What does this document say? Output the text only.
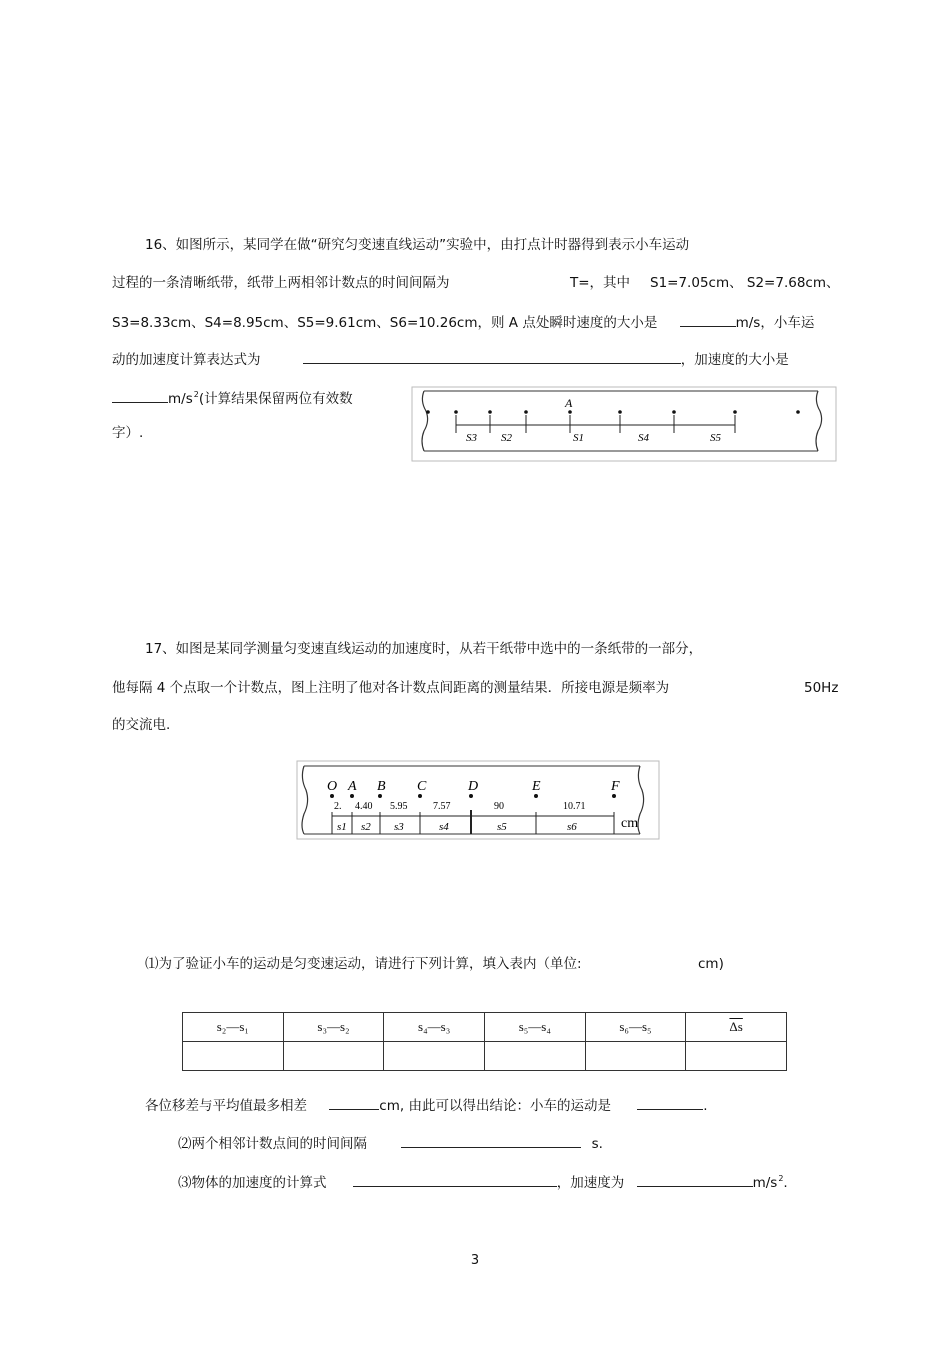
16、如图所示，某同学在做“研究匀变速直线运动”实验中，由打点计时器得到表示小车运动
过程的一条清晰纸带，纸带上两相邻计数点的时间间隔为	T=，其中 S1=7.05cm、 S2=7.68cm、
S3=8.33cm、S4=8.95cm、S5=9.61cm、S6=10.26cm，则 A 点处瞬时速度的大小是	m/s，小车运
动的加速度计算表达式为	，加速度的大小是
$m/s^2$(计算结果保留两位有效数
字）.
A
S3 S2	S1	S4	S5
17、如图是某同学测量匀变速直线运动的加速度时，从若干纸带中选中的一条纸带的一部分，
他每隔 4 个点取一个计数点，图上注明了他对各计数点间距离的测量结果．所接电源是频率为	50Hz
的交流电.
O A B C	D	E	F
2. 4.40 5.95	7.57	90	10.71
s1 s2 s3	s4	s5	s6	cm
⑴为了验证小车的运动是匀变速运动，请进行下列计算，填入表内（单位:	cm)
s₂—s₁	s₃—s₂	s₄—s₃	s₅—s₄	s₆—s₅	$\overline{\Delta s}$

各位移差与平均值最多相差	cm, 由此可以得出结论：小车的运动是	.
⑵两个相邻计数点间的时间间隔	s.
⑶物体的加速度的计算式	，加速度为	$m/s^2$.
3
